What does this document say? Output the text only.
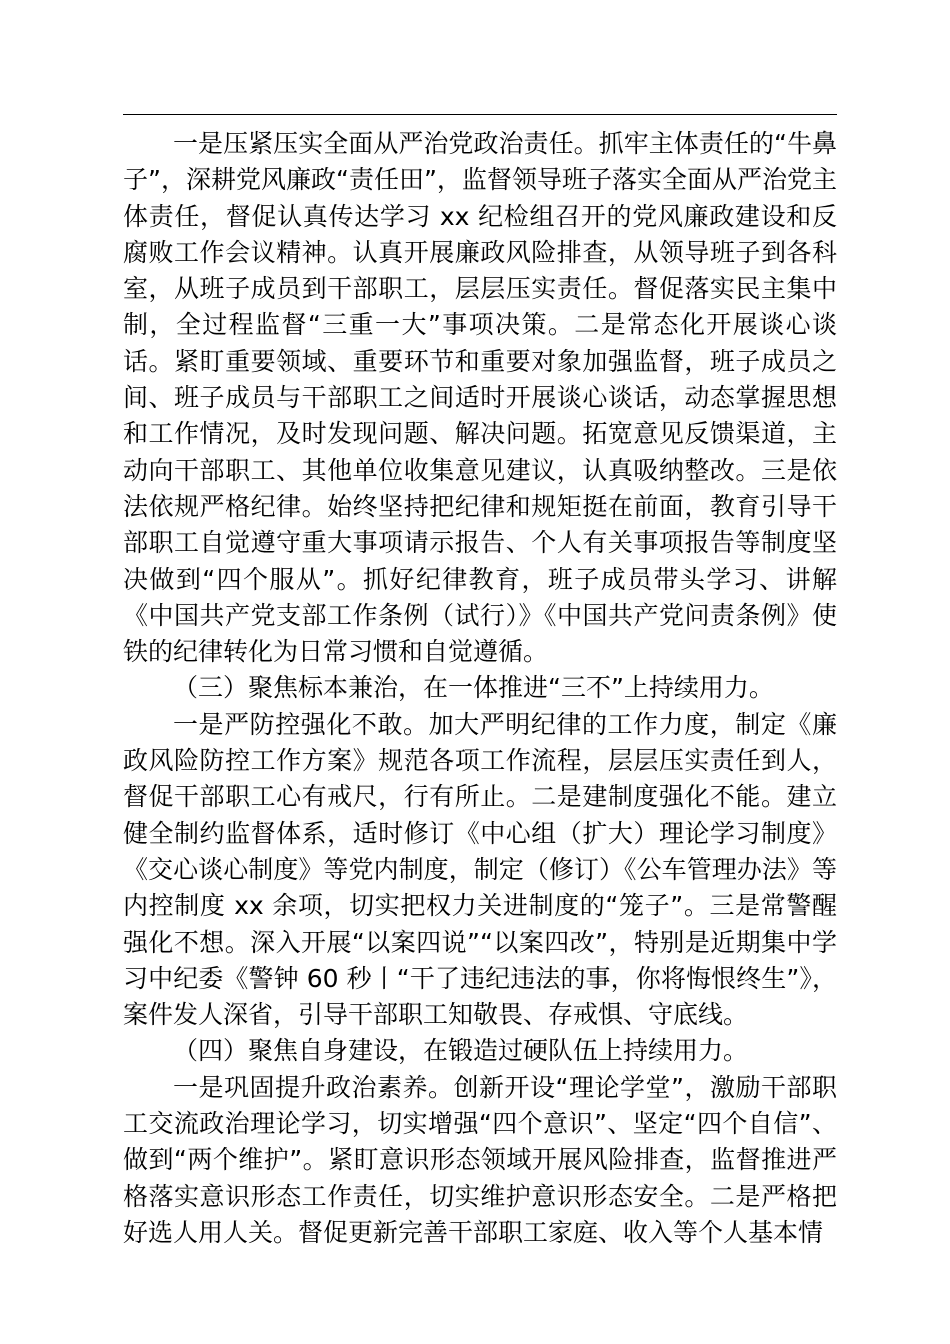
一是压紧压实全面从严治党政治责任。抓牢主体责任的“牛鼻子”，深耕党风廉政“责任田”，监督领导班子落实全面从严治党主体责任，督促认真传达学习 xx 纪检组召开的党风廉政建设和反腐败工作会议精神。认真开展廉政风险排查，从领导班子到各科室，从班子成员到干部职工，层层压实责任。督促落实民主集中制，全过程监督“三重一大”事项决策。二是常态化开展谈心谈话。紧盯重要领域、重要环节和重要对象加强监督，班子成员之间、班子成员与干部职工之间适时开展谈心谈话，动态掌握思想和工作情况，及时发现问题、解决问题。拓宽意见反馈渠道，主动向干部职工、其他单位收集意见建议，认真吸纳整改。三是依法依规严格纪律。始终坚持把纪律和规矩挺在前面，教育引导干部职工自觉遵守重大事项请示报告、个人有关事项报告等制度坚决做到“四个服从”。抓好纪律教育，班子成员带头学习、讲解《中国共产党支部工作条例（试行）》《中国共产党问责条例》使铁的纪律转化为日常习惯和自觉遵循。

（三）聚焦标本兼治，在一体推进“三不”上持续用力。

一是严防控强化不敢。加大严明纪律的工作力度，制定《廉政风险防控工作方案》规范各项工作流程，层层压实责任到人，督促干部职工心有戒尺，行有所止。二是建制度强化不能。建立健全制约监督体系，适时修订《中心组（扩大）理论学习制度》《交心谈心制度》等党内制度，制定（修订）《公车管理办法》等内控制度 xx 余项，切实把权力关进制度的“笼子”。三是常警醒强化不想。深入开展“以案四说”“以案四改”，特别是近期集中学习中纪委《警钟 60 秒丨“干了违纪违法的事，你将悔恨终生”》，案件发人深省，引导干部职工知敬畏、存戒惧、守底线。

（四）聚焦自身建设，在锻造过硬队伍上持续用力。

一是巩固提升政治素养。创新开设“理论学堂”，激励干部职工交流政治理论学习，切实增强“四个意识”、坚定“四个自信”、做到“两个维护”。紧盯意识形态领域开展风险排查，监督推进严格落实意识形态工作责任，切实维护意识形态安全。二是严格把好选人用人关。督促更新完善干部职工家庭、收入等个人基本情
